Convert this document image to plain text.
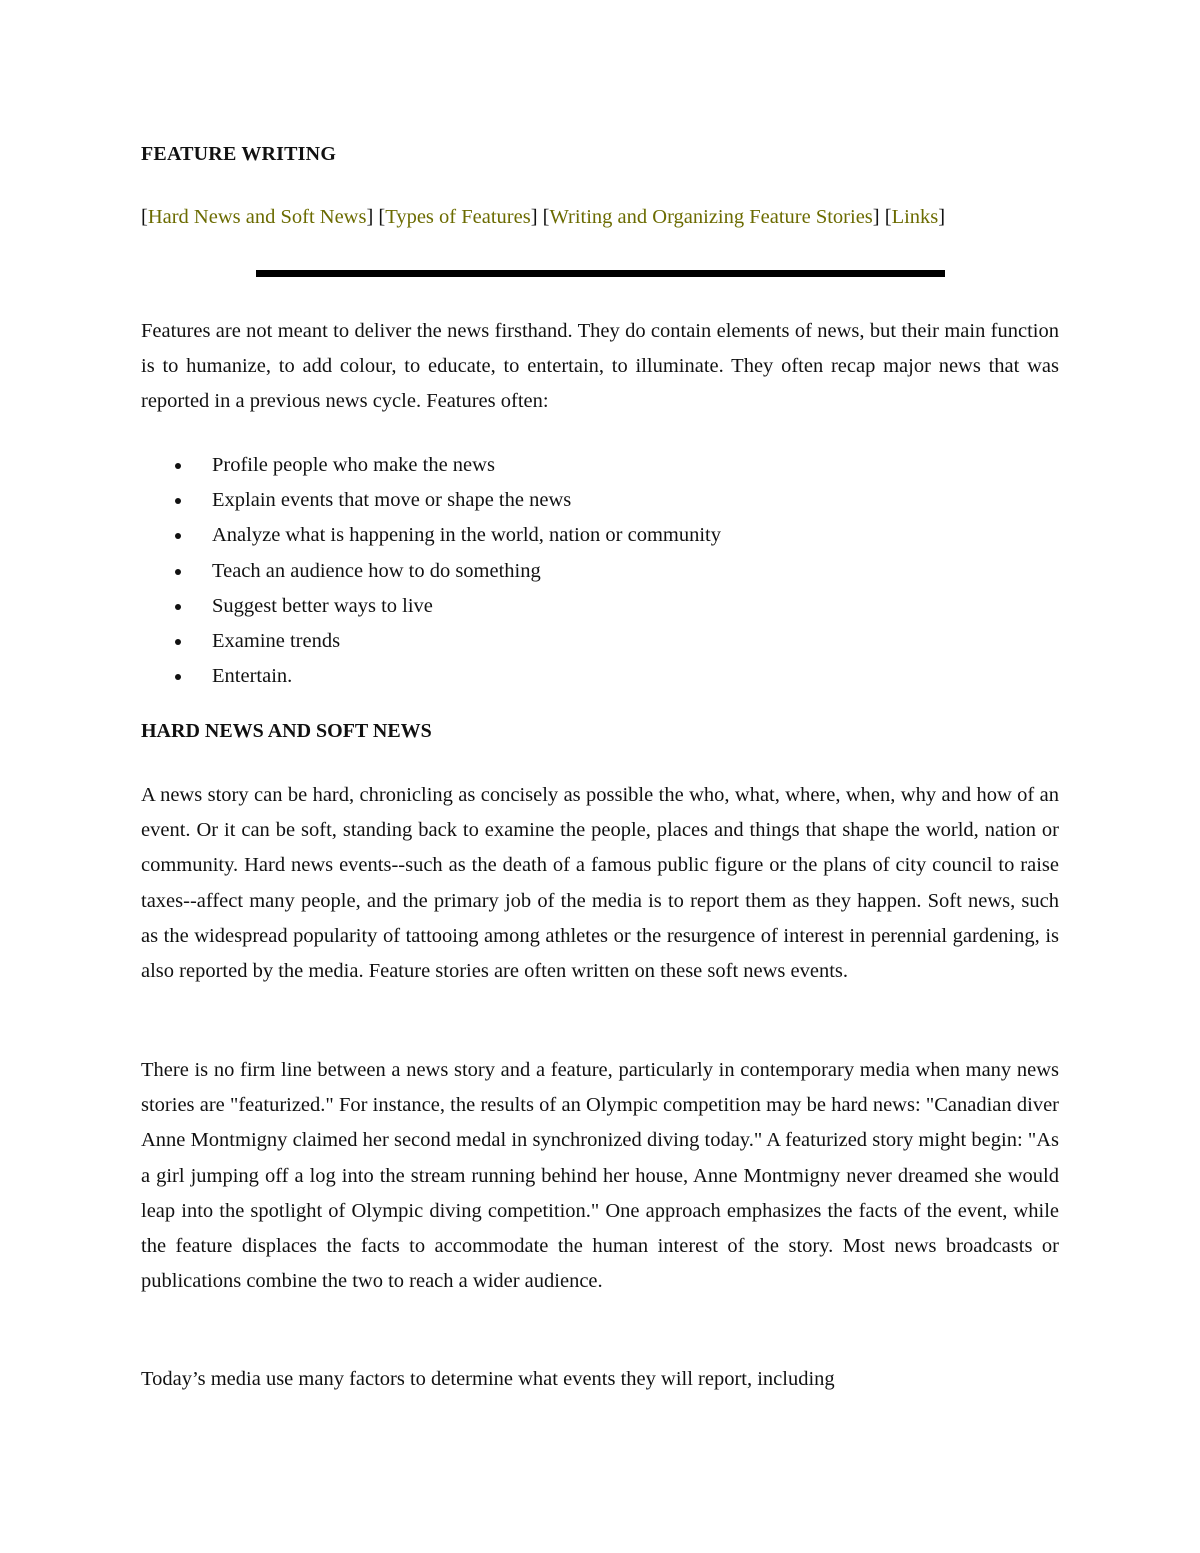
FEATURE WRITING
[Hard News and Soft News] [Types of Features] [Writing and Organizing Feature Stories] [Links]

Features are not meant to deliver the news firsthand. They do contain elements of news, but their main function is to humanize, to add colour, to educate, to entertain, to illuminate. They often recap major news that was reported in a previous news cycle. Features often:

Profile people who make the news
Explain events that move or shape the news
Analyze what is happening in the world, nation or community
Teach an audience how to do something
Suggest better ways to live
Examine trends
Entertain.
HARD NEWS AND SOFT NEWS

A news story can be hard, chronicling as concisely as possible the who, what, where, when, why and how of an event. Or it can be soft, standing back to examine the people, places and things that shape the world, nation or community. Hard news events--such as the death of a famous public figure or the plans of city council to raise taxes--affect many people, and the primary job of the media is to report them as they happen. Soft news, such as the widespread popularity of tattooing among athletes or the resurgence of interest in perennial gardening, is also reported by the media. Feature stories are often written on these soft news events.

There is no firm line between a news story and a feature, particularly in contemporary media when many news stories are "featurized." For instance, the results of an Olympic competition may be hard news: "Canadian diver Anne Montmigny claimed her second medal in synchronized diving today." A featurized story might begin: "As a girl jumping off a log into the stream running behind her house, Anne Montmigny never dreamed she would leap into the spotlight of Olympic diving competition." One approach emphasizes the facts of the event, while the feature displaces the facts to accommodate the human interest of the story. Most news broadcasts or publications combine the two to reach a wider audience.

Today’s media use many factors to determine what events they will report, including
